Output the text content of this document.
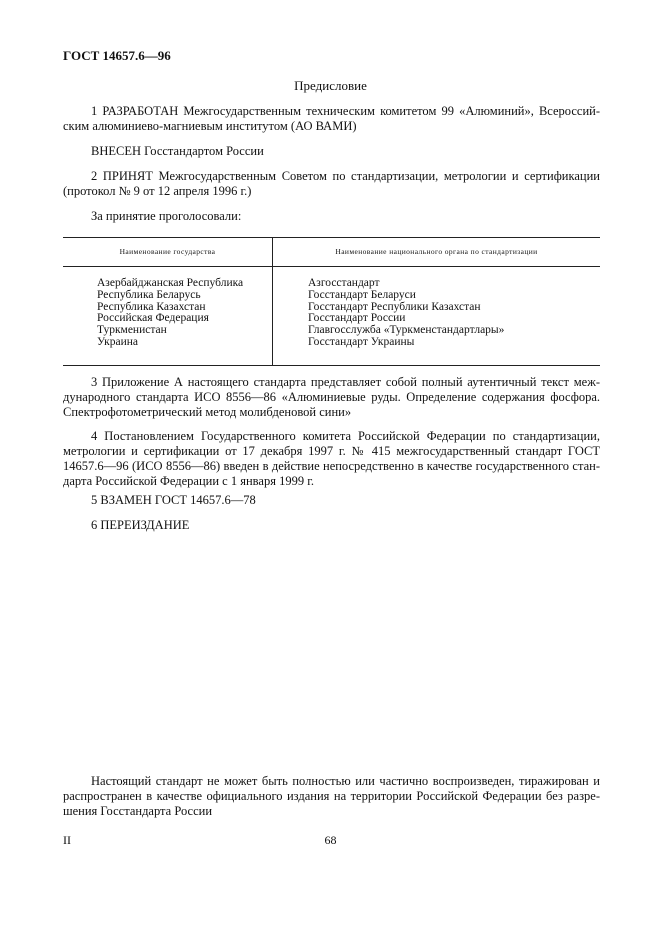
ГОСТ 14657.6—96
Предисловие
1 РАЗРАБОТАН Межгосударственным техническим комитетом 99 «Алюминий», Всероссий-ским алюминиево-магниевым институтом (АО ВАМИ)
ВНЕСЕН Госстандартом России
2 ПРИНЯТ Межгосударственным Советом по стандартизации, метрологии и сертификации (протокол № 9 от 12 апреля 1996 г.)
За принятие проголосовали:
Наименование государства	Наименование национального органа по стандартизации
Азербайджанская Республика
Республика Беларусь
Республика Казахстан
Российская Федерация
Туркменистан
Украина
Азгосстандарт
Госстандарт Беларуси
Госстандарт Республики Казахстан
Госстандарт России
Главгосслужба «Туркменстандартлары»
Госстандарт Украины
3 Приложение А настоящего стандарта представляет собой полный аутентичный текст меж-дународного стандарта ИСО 8556—86 «Алюминиевые руды. Определение содержания фосфора. Спектрофотометрический метод молибденовой сини»
4 Постановлением Государственного комитета Российской Федерации по стандартизации, метрологии и сертификации от 17 декабря 1997 г. № 415 межгосударственный стандарт ГОСТ 14657.6—96 (ИСО 8556—86) введен в действие непосредственно в качестве государственного стан-дарта Российской Федерации с 1 января 1999 г.
5 ВЗАМЕН ГОСТ 14657.6—78
6 ПЕРЕИЗДАНИЕ
Настоящий стандарт не может быть полностью или частично воспроизведен, тиражирован и распространен в качестве официального издания на территории Российской Федерации без разре-шения Госстандарта России
II	68
